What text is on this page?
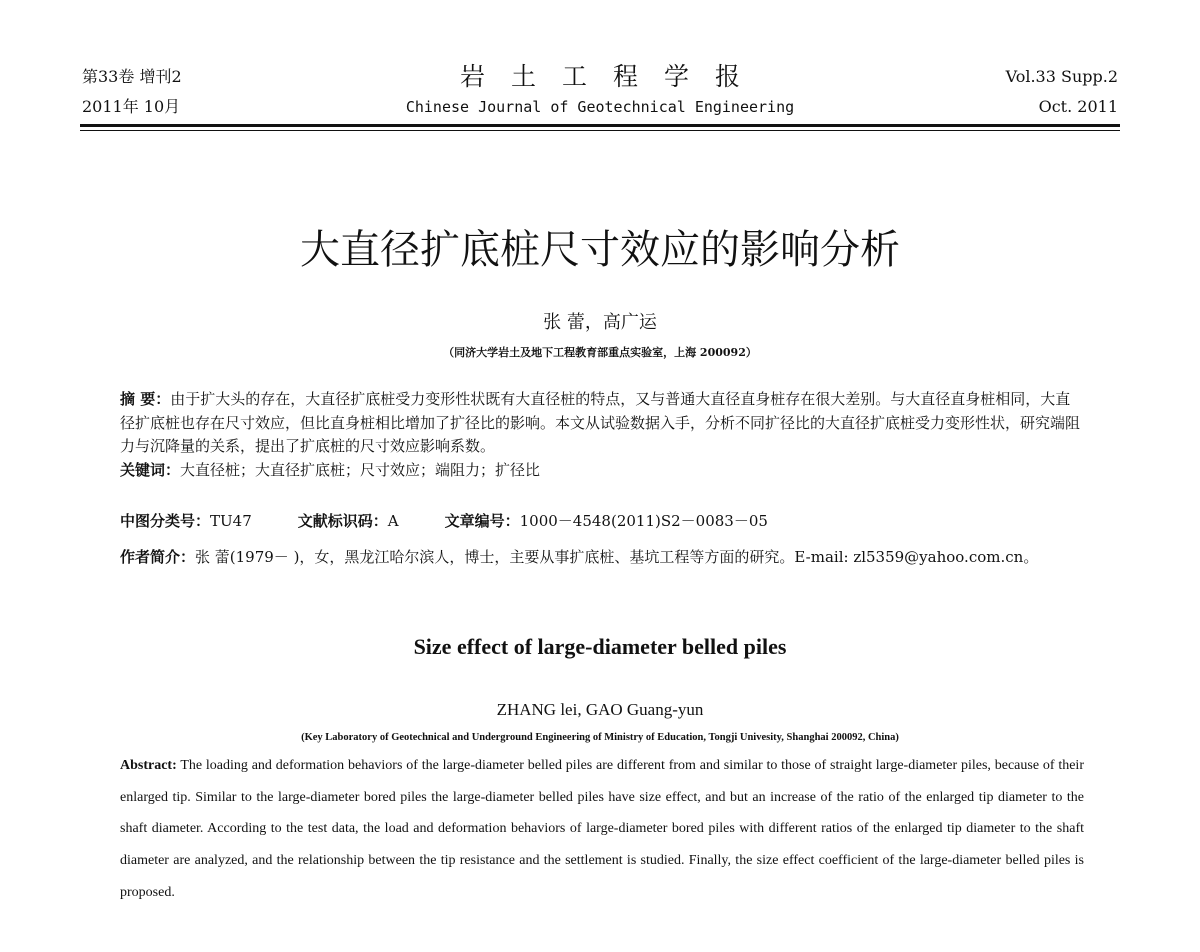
第33卷 增刊2
2011年 10月
岩土工程学报
Chinese Journal of Geotechnical Engineering
Vol.33 Supp.2
Oct. 2011
大直径扩底桩尺寸效应的影响分析
张 蕾，高广运
（同济大学岩土及地下工程教育部重点实验室，上海 200092）
摘 要：由于扩大头的存在，大直径扩底桩受力变形性状既有大直径桩的特点，又与普通大直径直身桩存在很大差别。与大直径直身桩相同，大直径扩底桩也存在尺寸效应，但比直身桩相比增加了扩径比的影响。本文从试验数据入手，分析不同扩径比的大直径扩底桩受力变形性状，研究端阻力与沉降量的关系，提出了扩底桩的尺寸效应影响系数。
关键词：大直径桩；大直径扩底桩；尺寸效应；端阻力；扩径比
中图分类号：TU47	文献标识码：A	文章编号：1000－4548(2011)S2－0083－05
作者简介：张 蕾(1979－ )，女，黑龙江哈尔滨人，博士，主要从事扩底桩、基坑工程等方面的研究。E-mail: zl5359@yahoo.com.cn。
Size effect of large-diameter belled piles
ZHANG lei, GAO Guang-yun
(Key Laboratory of Geotechnical and Underground Engineering of Ministry of Education, Tongji Univesity, Shanghai 200092, China)
Abstract: The loading and deformation behaviors of the large-diameter belled piles are different from and similar to those of straight large-diameter piles, because of their enlarged tip. Similar to the large-diameter bored piles the large-diameter belled piles have size effect, and but an increase of the ratio of the enlarged tip diameter to the shaft diameter. According to the test data, the load and deformation behaviors of large-diameter bored piles with different ratios of the enlarged tip diameter to the shaft diameter are analyzed, and the relationship between the tip resistance and the settlement is studied. Finally, the size effect coefficient of the large-diameter belled piles is proposed.
